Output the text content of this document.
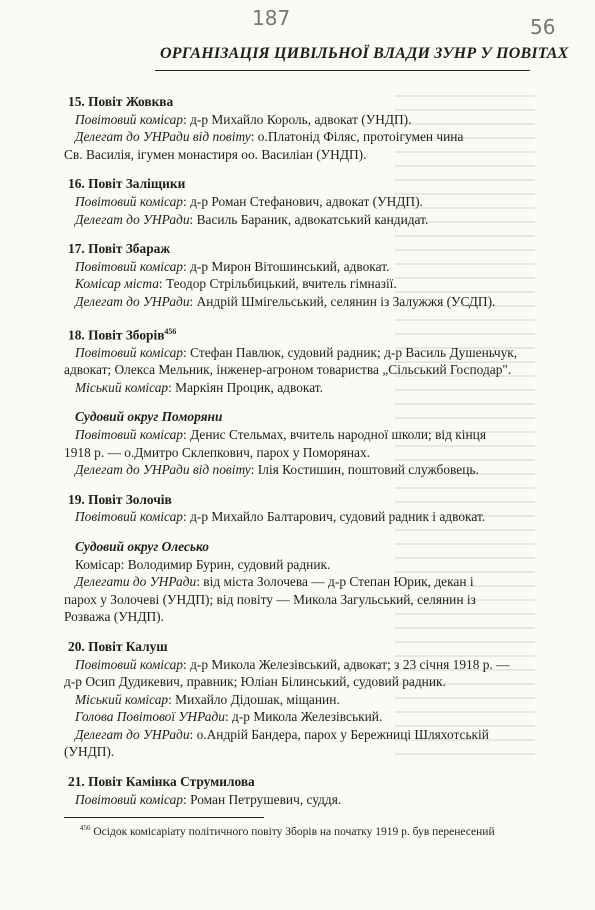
187	56
ОРГАНІЗАЦІЯ ЦИВІЛЬНОЇ ВЛАДИ ЗУНР У ПОВІТАХ

15. Повіт Жовква

Повітовий комісар: д-р Михайло Король, адвокат (УНДП).

Делегат до УНРади від повіту: о.Платонід Філяс, протоігумен чина

Св. Василія, ігумен монастиря оо. Василіан (УНДП).

16. Повіт Заліщики

Повітовий комісар: д-р Роман Стефанович, адвокат (УНДП).

Делегат до УНРади: Василь Бараник, адвокатський кандидат.

17. Повіт Збараж

Повітовий комісар: д-р Мирон Вітошинський, адвокат.

Комісар міста: Теодор Стрільбицький, вчитель гімназії.

Делегат до УНРади: Андрій Шмігельський, селянин із Залужжя (УСДП).

18. Повіт Зборів$^{456}$

Повітовий комісар: Стефан Павлюк, судовий радник; д-р Василь Душеньчук,

адвокат; Олекса Мельник, інженер-агроном товариства „Сільський Господар".

Міський комісар: Маркіян Процик, адвокат.

Судовий округ Поморяни

Повітовий комісар: Денис Стельмах, вчитель народної школи; від кінця

1918 р. — о.Дмитро Склепкович, парох у Поморянах.

Делегат до УНРади від повіту: Ілія Костишин, поштовий службовець.

19. Повіт Золочів

Повітовий комісар: д-р Михайло Балтарович, судовий радник і адвокат.

Судовий округ Олесько

Комісар: Володимир Бурин, судовий радник.

Делегати до УНРади: від міста Золочева — д-р Степан Юрик, декан і

парох у Золочеві (УНДП); від повіту — Микола Загульський, селянин із

Розважа (УНДП).

20. Повіт Калуш

Повітовий комісар: д-р Микола Железівський, адвокат; з 23 січня 1918 р. —

д-р Осип Дудикевич, правник; Юліан Білинський, судовий радник.

Міський комісар: Михайло Дідошак, міщанин.

Голова Повітової УНРади: д-р Микола Железівський.

Делегат до УНРади: о.Андрій Бандера, парох у Бережниці Шляхотській

(УНДП).

21. Повіт Камінка Струмилова

Повітовий комісар: Роман Петрушевич, суддя.

$^{456}$ Осідок комісаріату політичного повіту Зборів на початку 1919 р. був перенесений
